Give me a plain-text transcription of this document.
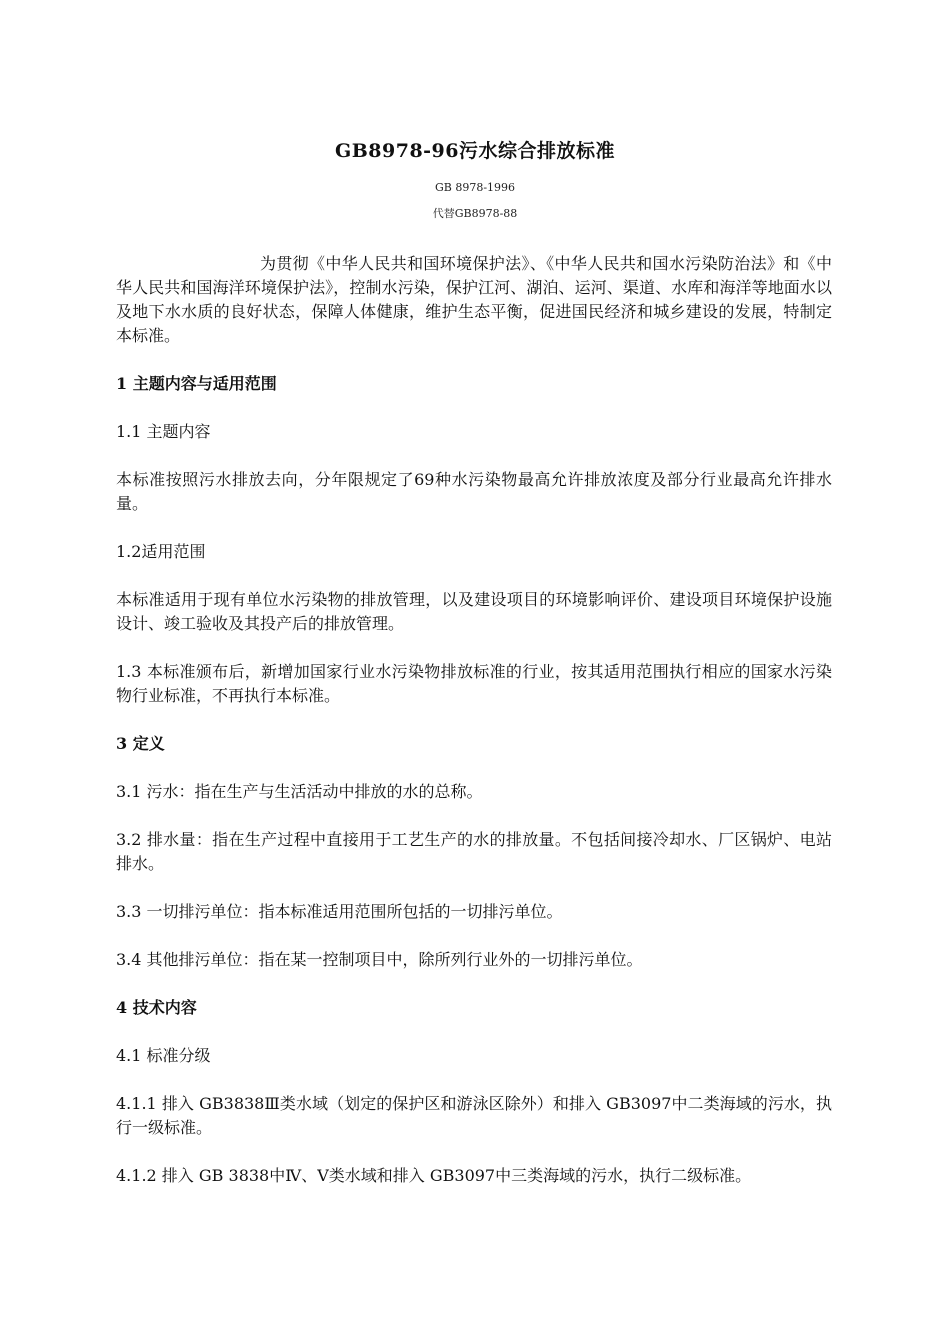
GB8978-96污水综合排放标准
GB 8978-1996
代替GB8978-88

为贯彻《中华人民共和国环境保护法》、《中华人民共和国水污染防治法》和《中华人民共和国海洋环境保护法》，控制水污染，保护江河、湖泊、运河、渠道、水库和海洋等地面水以及地下水水质的良好状态，保障人体健康，维护生态平衡，促进国民经济和城乡建设的发展，特制定本标准。

1 主题内容与适用范围

1.1 主题内容

本标准按照污水排放去向，分年限规定了69种水污染物最高允许排放浓度及部分行业最高允许排水量。

1.2适用范围

本标准适用于现有单位水污染物的排放管理，以及建设项目的环境影响评价、建设项目环境保护设施设计、竣工验收及其投产后的排放管理。

1.3 本标准颁布后，新增加国家行业水污染物排放标准的行业，按其适用范围执行相应的国家水污染物行业标准，不再执行本标准。

3 定义

3.1 污水：指在生产与生活活动中排放的水的总称。

3.2 排水量：指在生产过程中直接用于工艺生产的水的排放量。不包括间接冷却水、厂区锅炉、电站排水。

3.3 一切排污单位：指本标准适用范围所包括的一切排污单位。

3.4 其他排污单位：指在某一控制项目中，除所列行业外的一切排污单位。

4 技术内容

4.1 标准分级

4.1.1 排入 GB3838Ⅲ类水域（划定的保护区和游泳区除外）和排入 GB3097中二类海域的污水，执行一级标准。

4.1.2 排入 GB 3838中Ⅳ、Ⅴ类水域和排入 GB3097中三类海域的污水，执行二级标准。
